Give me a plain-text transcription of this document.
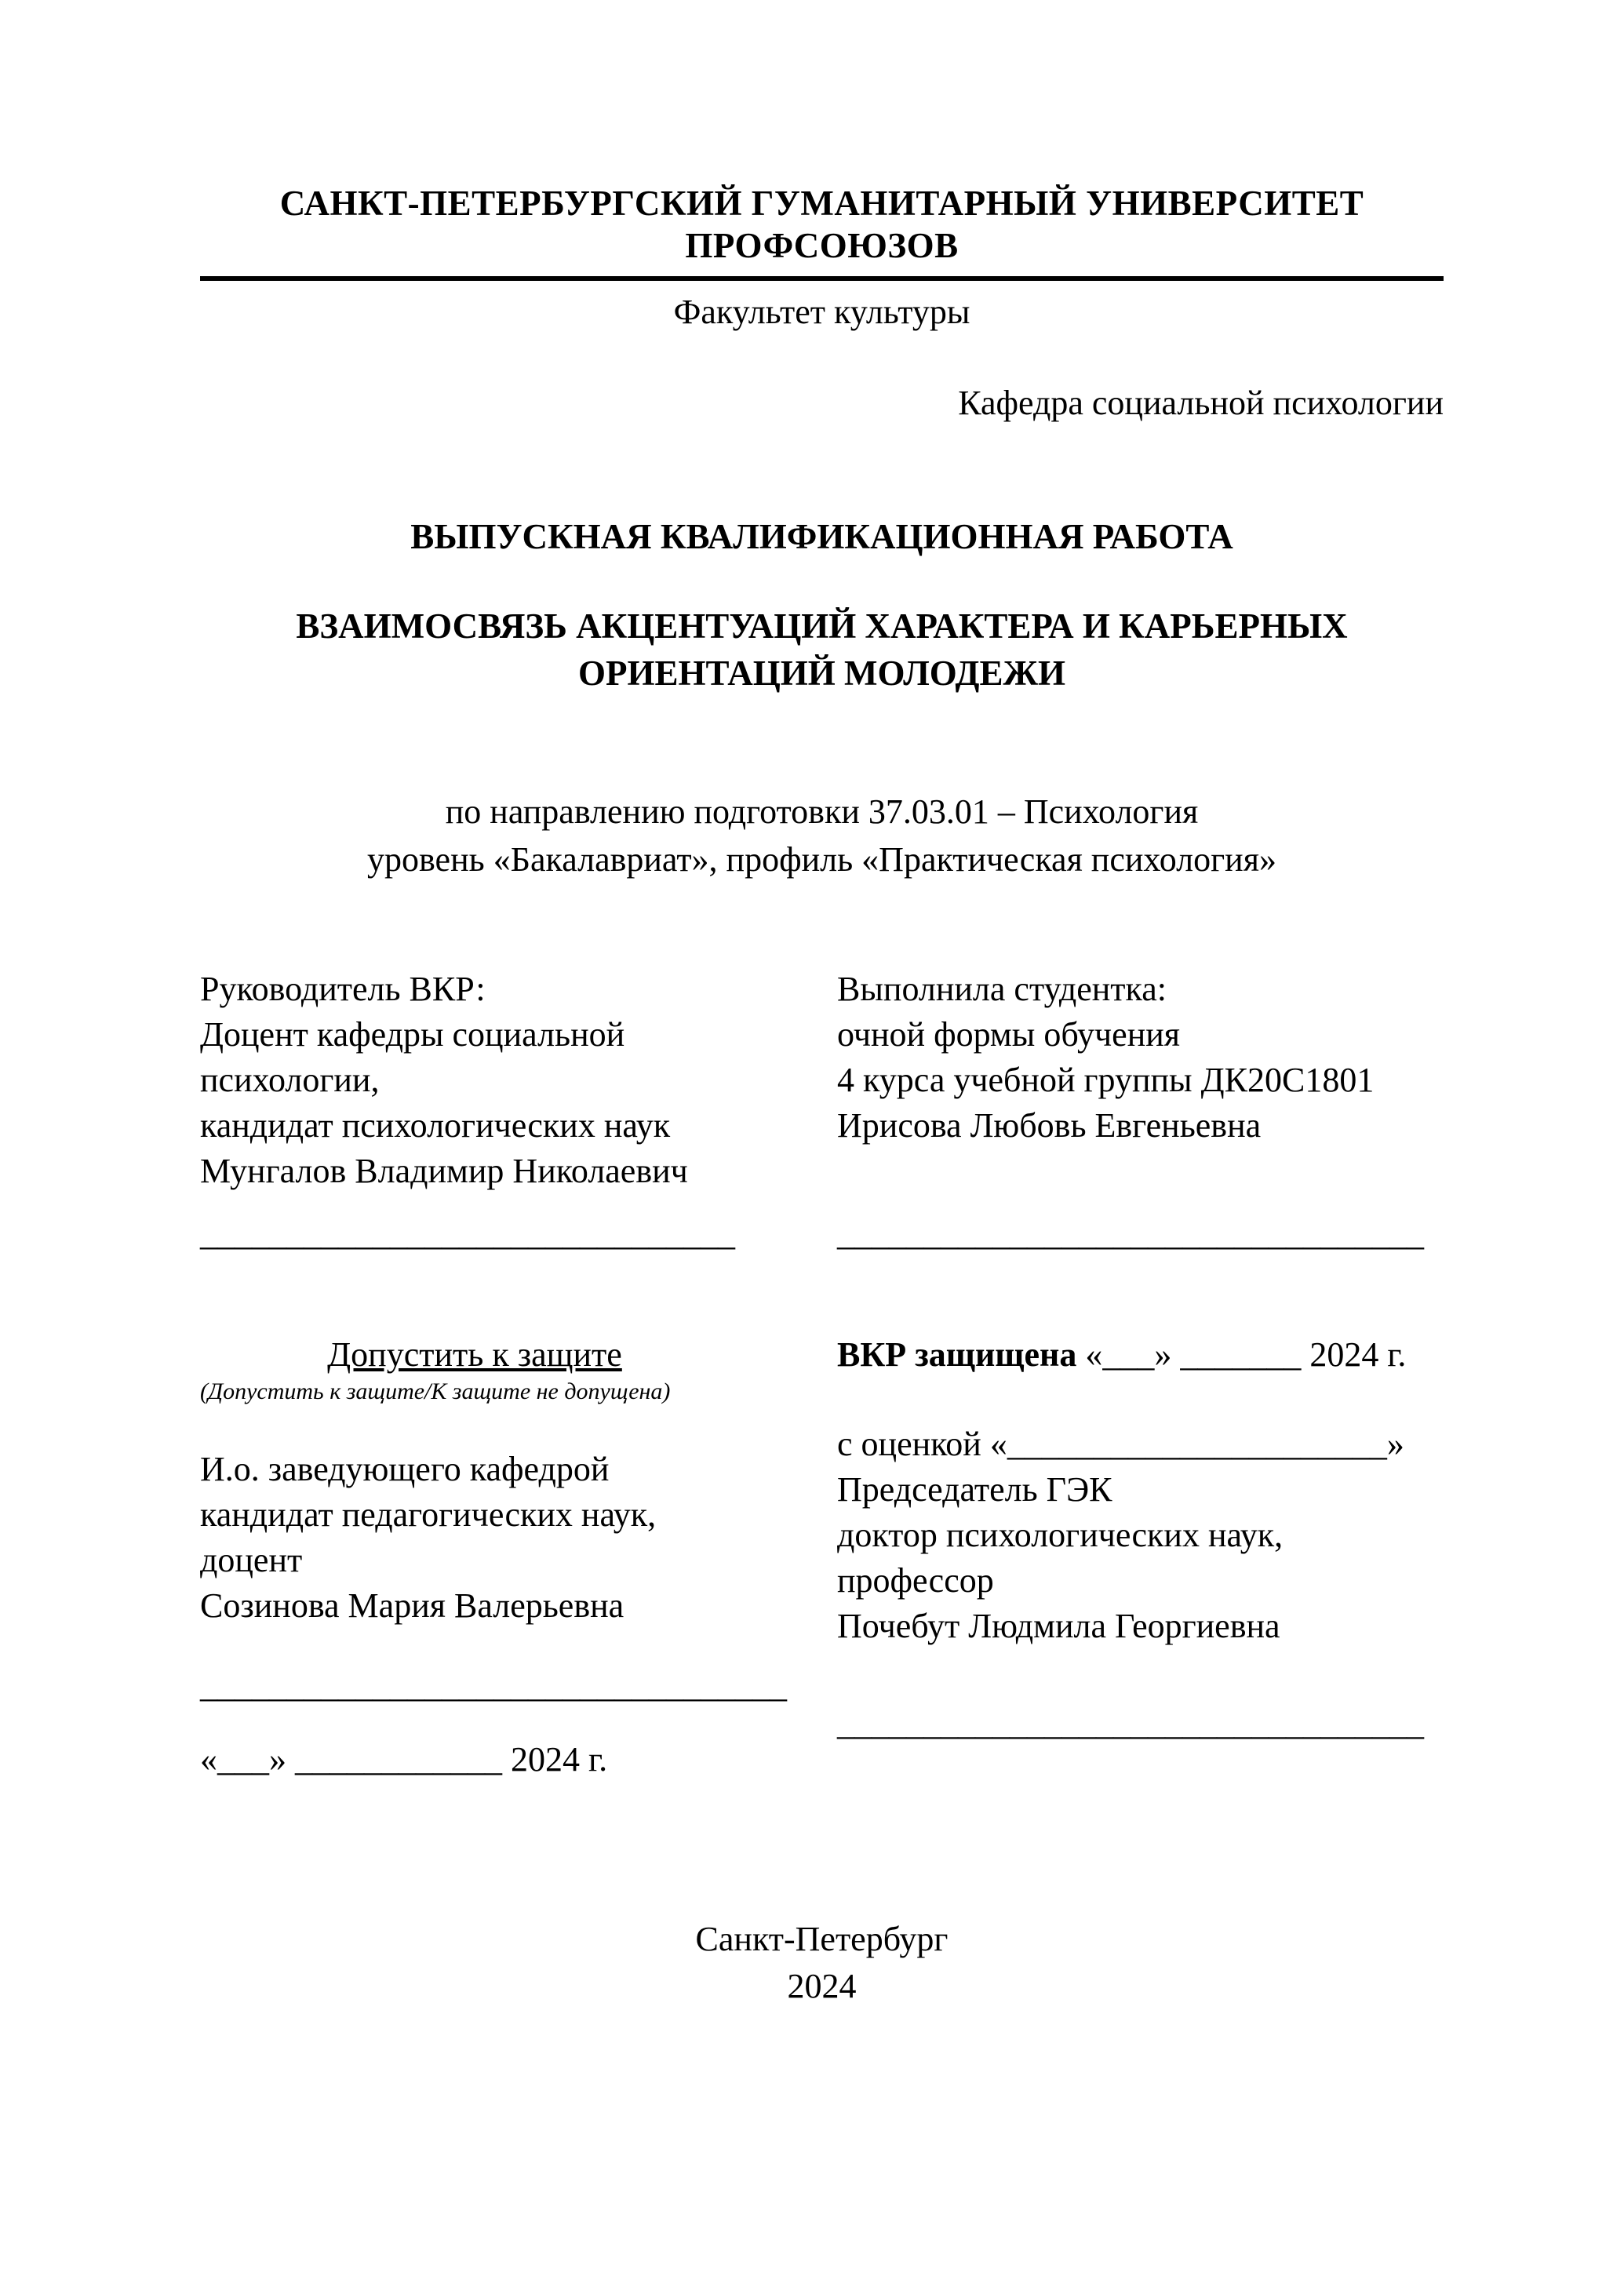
САНКТ-ПЕТЕРБУРГСКИЙ ГУМАНИТАРНЫЙ УНИВЕРСИТЕТ
ПРОФСОЮЗОВ
Факультет культуры
Кафедра социальной психологии
ВЫПУСКНАЯ КВАЛИФИКАЦИОННАЯ РАБОТА
ВЗАИМОСВЯЗЬ АКЦЕНТУАЦИЙ ХАРАКТЕРА И КАРЬЕРНЫХ
ОРИЕНТАЦИЙ МОЛОДЕЖИ
по направлению подготовки 37.03.01 – Психология
уровень «Бакалавриат», профиль «Практическая психология»
Руководитель ВКР:
Доцент кафедры социальной
психологии,
кандидат психологических наук
Мунгалов Владимир Николаевич
_______________________________
Выполнила студентка:
очной формы обучения
4 курса учебной группы ДК20С1801
Ирисова Любовь Евгеньевна
__________________________________
Допустить к защите
(Допустить к защите/К защите не допущена)
И.о. заведующего кафедрой
кандидат педагогических наук,
доцент
Созинова Мария Валерьевна
__________________________________
«___» ____________ 2024 г.
ВКР защищена «___» _______ 2024 г.
с оценкой «______________________»
Председатель ГЭК
доктор психологических наук,
профессор
Почебут Людмила Георгиевна
__________________________________
Санкт-Петербург
2024
